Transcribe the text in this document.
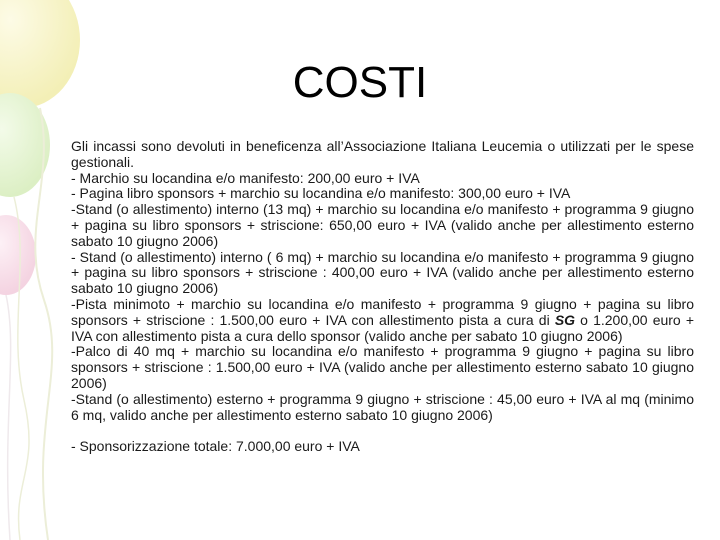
COSTI

Gli incassi sono devoluti in beneficenza all’Associazione Italiana Leucemia o utilizzati per le spese gestionali.

- Marchio su locandina e/o manifesto: 200,00 euro + IVA

- Pagina libro sponsors + marchio su locandina e/o manifesto: 300,00 euro + IVA

-Stand (o allestimento) interno (13 mq) + marchio su locandina e/o manifesto + programma 9 giugno + pagina su libro sponsors + striscione: 650,00 euro + IVA (valido anche per allestimento esterno sabato 10 giugno 2006)

- Stand (o allestimento) interno ( 6 mq) + marchio su locandina e/o manifesto + programma 9 giugno + pagina su libro sponsors + striscione : 400,00 euro + IVA (valido anche per allestimento esterno sabato 10 giugno 2006)

-Pista minimoto + marchio su locandina e/o manifesto + programma 9 giugno + pagina su libro sponsors + striscione : 1.500,00 euro + IVA con allestimento pista a cura di SG o 1.200,00 euro + IVA con allestimento pista a cura dello sponsor (valido anche per sabato 10 giugno 2006)

-Palco di 40 mq + marchio su locandina e/o manifesto + programma 9 giugno + pagina su libro sponsors + striscione : 1.500,00 euro + IVA (valido anche per allestimento esterno sabato 10 giugno 2006)

-Stand (o allestimento) esterno + programma 9 giugno + striscione : 45,00 euro + IVA al mq (minimo 6 mq, valido anche per allestimento esterno sabato 10 giugno 2006)

- Sponsorizzazione totale: 7.000,00 euro + IVA
